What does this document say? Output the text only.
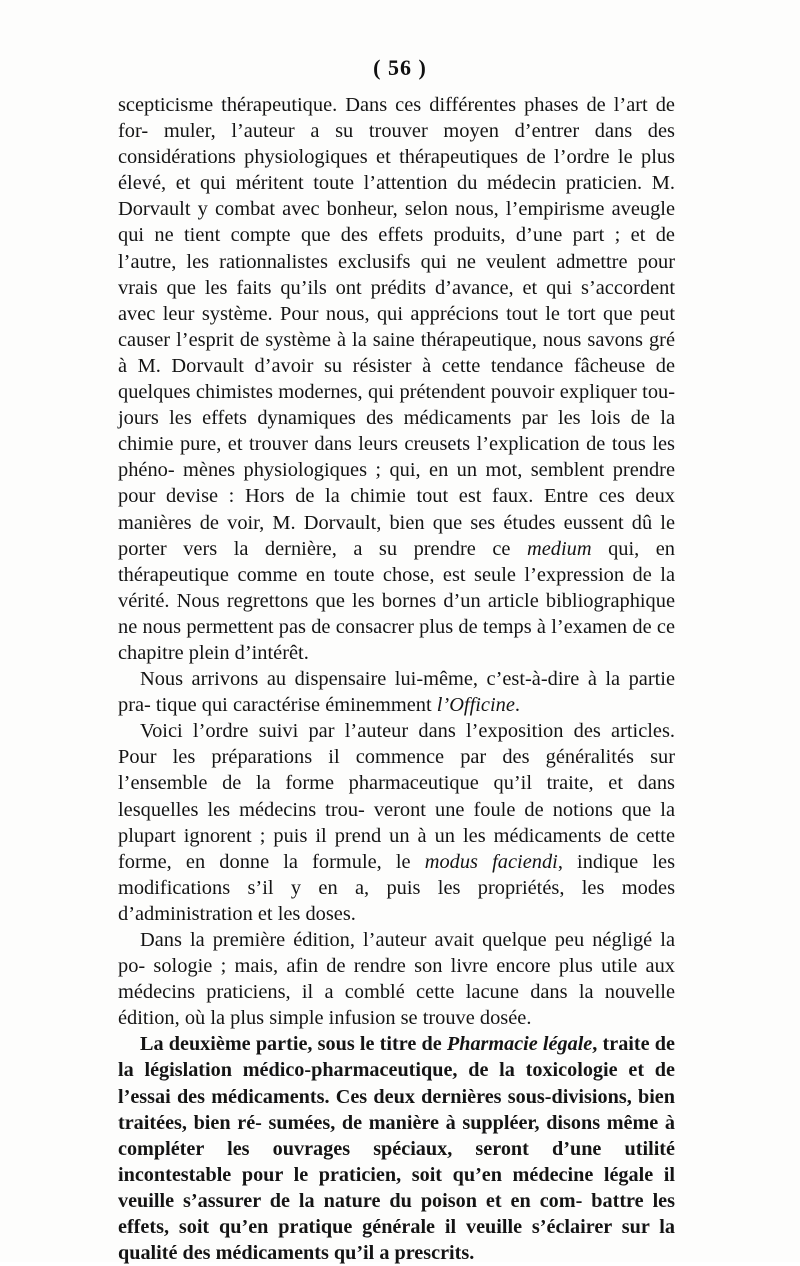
( 56 )

scepticisme thérapeutique. Dans ces différentes phases de l’art de for- muler, l’auteur a su trouver moyen d’entrer dans des considérations physiologiques et thérapeutiques de l’ordre le plus élevé, et qui méritent toute l’attention du médecin praticien. M. Dorvault y combat avec bonheur, selon nous, l’empirisme aveugle qui ne tient compte que des effets produits, d’une part ; et de l’autre, les rationnalistes exclusifs qui ne veulent admettre pour vrais que les faits qu’ils ont prédits d’avance, et qui s’accordent avec leur système. Pour nous, qui apprécions tout le tort que peut causer l’esprit de système à la saine thérapeutique, nous savons gré à M. Dorvault d’avoir su résister à cette tendance fâcheuse de quelques chimistes modernes, qui prétendent pouvoir expliquer tou- jours les effets dynamiques des médicaments par les lois de la chimie pure, et trouver dans leurs creusets l’explication de tous les phéno- mènes physiologiques ; qui, en un mot, semblent prendre pour devise : Hors de la chimie tout est faux. Entre ces deux manières de voir, M. Dorvault, bien que ses études eussent dû le porter vers la dernière, a su prendre ce medium qui, en thérapeutique comme en toute chose, est seule l’expression de la vérité. Nous regrettons que les bornes d’un article bibliographique ne nous permettent pas de consacrer plus de temps à l’examen de ce chapitre plein d’intérêt.

Nous arrivons au dispensaire lui-même, c’est-à-dire à la partie pra- tique qui caractérise éminemment l’Officine.

Voici l’ordre suivi par l’auteur dans l’exposition des articles. Pour les préparations il commence par des généralités sur l’ensemble de la forme pharmaceutique qu’il traite, et dans lesquelles les médecins trou- veront une foule de notions que la plupart ignorent ; puis il prend un à un les médicaments de cette forme, en donne la formule, le modus faciendi, indique les modifications s’il y en a, puis les propriétés, les modes d’administration et les doses.

Dans la première édition, l’auteur avait quelque peu négligé la po- sologie ; mais, afin de rendre son livre encore plus utile aux médecins praticiens, il a comblé cette lacune dans la nouvelle édition, où la plus simple infusion se trouve dosée.

La deuxième partie, sous le titre de Pharmacie légale, traite de la législation médico-pharmaceutique, de la toxicologie et de l’essai des médicaments. Ces deux dernières sous-divisions, bien traitées, bien ré- sumées, de manière à suppléer, disons même à compléter les ouvrages spéciaux, seront d’une utilité incontestable pour le praticien, soit qu’en médecine légale il veuille s’assurer de la nature du poison et en com- battre les effets, soit qu’en pratique générale il veuille s’éclairer sur la qualité des médicaments qu’il a prescrits.
